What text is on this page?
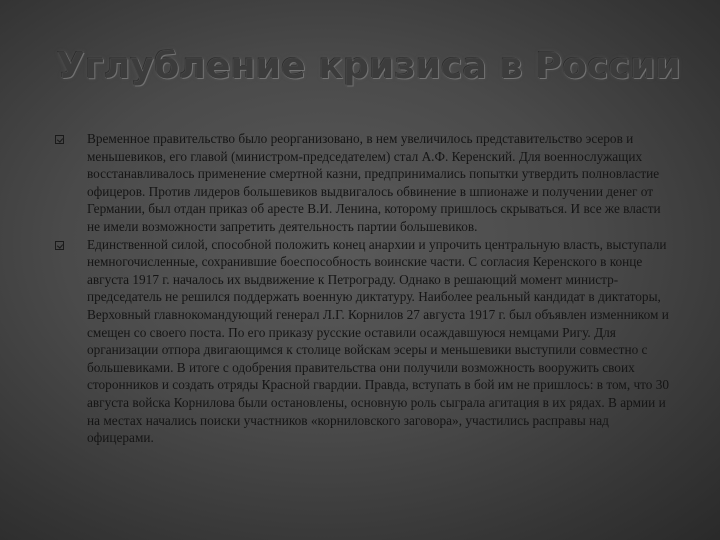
Углубление кризиса в России
Временное правительство было реорганизовано, в нем увеличилось представительство эсеров и меньшевиков, его главой (министром-председателем) стал А.Ф. Керенский. Для военнослужащих восстанавливалось применение смертной казни, предпринимались попытки утвердить полновластие офицеров. Против лидеров большевиков выдвигалось обвинение в шпионаже и получении денег от Германии, был отдан приказ об аресте В.И. Ленина, которому пришлось скрываться. И все же власти не имели возможности запретить деятельность партии большевиков.
Единственной силой, способной положить конец анархии и упрочить центральную власть, выступали немногочисленные, сохранившие боеспособность воинские части. С согласия Керенского в конце августа 1917 г. началось их выдвижение к Петрограду. Однако в решающий момент министр-председатель не решился поддержать военную диктатуру. Наиболее реальный кандидат в диктаторы, Верховный главнокомандующий генерал Л.Г. Корнилов 27 августа 1917 г. был объявлен изменником и смещен со своего поста. По его приказу русские оставили осаждавшуюся немцами Ригу. Для организации отпора двигающимся к столице войскам эсеры и меньшевики выступили совместно с большевиками. В итоге с одобрения правительства они получили возможность вооружить своих сторонников и создать отряды Красной гвардии. Правда, вступать в бой им не пришлось: в том, что 30 августа войска Корнилова были остановлены, основную роль сыграла агитация в их рядах. В армии и на местах начались поиски участников «корниловского заговора», участились расправы над офицерами.
